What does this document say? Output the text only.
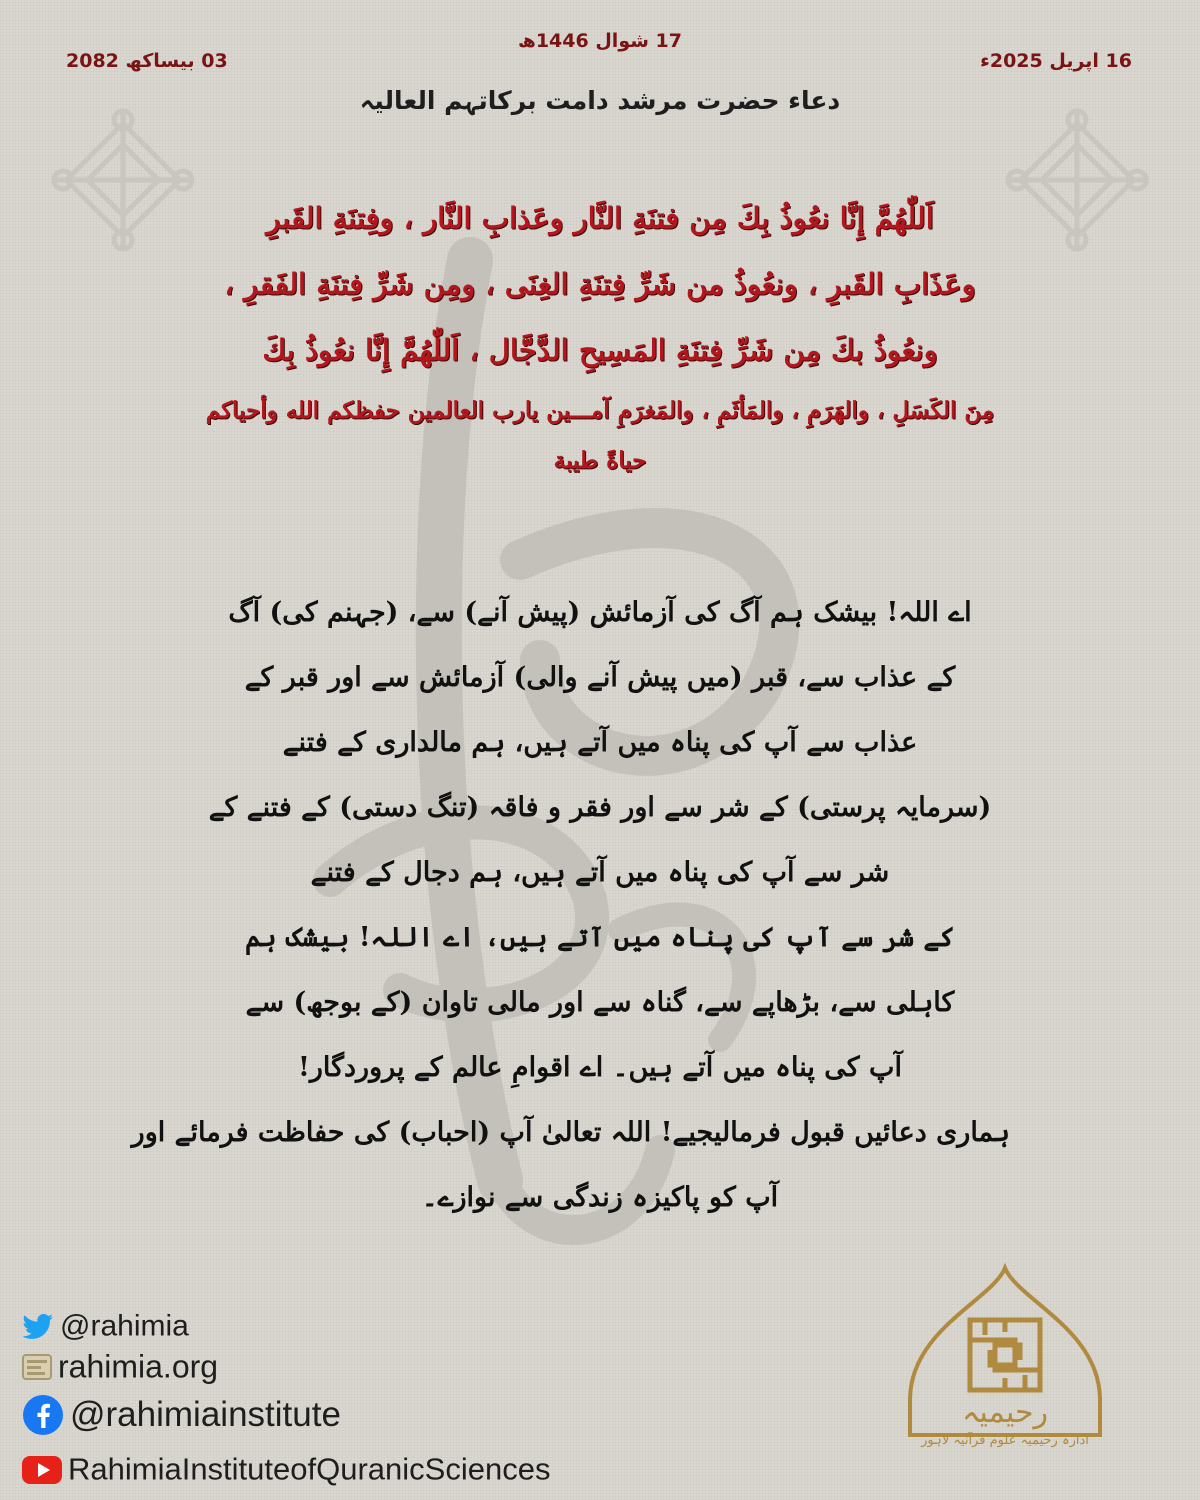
17 شوال 1446ھ
16 اپریل 2025ء
03 بیساکھ 2082
دعاء حضرت مرشد دامت برکاتہم العالیہ
اَللّٰهُمَّ إِنَّا نعُوذُ بِكَ مِن فتنَةِ النَّار وعَذابِ النَّار ، وفِتنَةِ القَبرِ
وعَذَابِ القَبرِ ، ونعُوذُ من شَرِّ فِتنَةِ الغِنَى ، ومِن شَرِّ فِتنَةِ الفَقرِ ،
ونعُوذُ بكَ مِن شَرِّ فِتنَةِ المَسِيحِ الدَّجَّال ، اَللّٰهُمَّ إِنَّا نعُوذُ بِكَ
مِنَ الكَسَلِ ، والهَرَمِ ، والمَأثَمِ ، والمَغرَمِ آمـــين يارب العالمين حفظكم الله وأحياكم
حياةً طيبة
اے اللہ! بیشک ہم آگ کی آزمائش (پیش آنے) سے، (جہنم کی) آگ
کے عذاب سے، قبر (میں پیش آنے والی) آزمائش سے اور قبر کے
عذاب سے آپ کی پناہ میں آتے ہیں، ہم مالداری کے فتنے
(سرمایہ پرستی) کے شر سے اور فقر و فاقہ (تنگ دستی) کے فتنے کے
شر سے آپ کی پناہ میں آتے ہیں، ہم دجال کے فتنے
کے شر سے آپ کی پناہ میں آتے ہیں، اے اللہ! بیشک ہم
کاہلی سے، بڑھاپے سے، گناہ سے اور مالی تاوان (کے بوجھ) سے
آپ کی پناہ میں آتے ہیں۔ اے اقوامِ عالم کے پروردگار!
ہماری دعائیں قبول فرمالیجیے! اللہ تعالیٰ آپ (احباب) کی حفاظت فرمائے اور
آپ کو پاکیزہ زندگی سے نوازے۔
@rahimia
rahimia.org
@rahimiainstitute
RahimiaInstituteofQuranicSciences
رحیمیہ
ادارہ رحیمیہ علوم قرآنیہ لاہور
